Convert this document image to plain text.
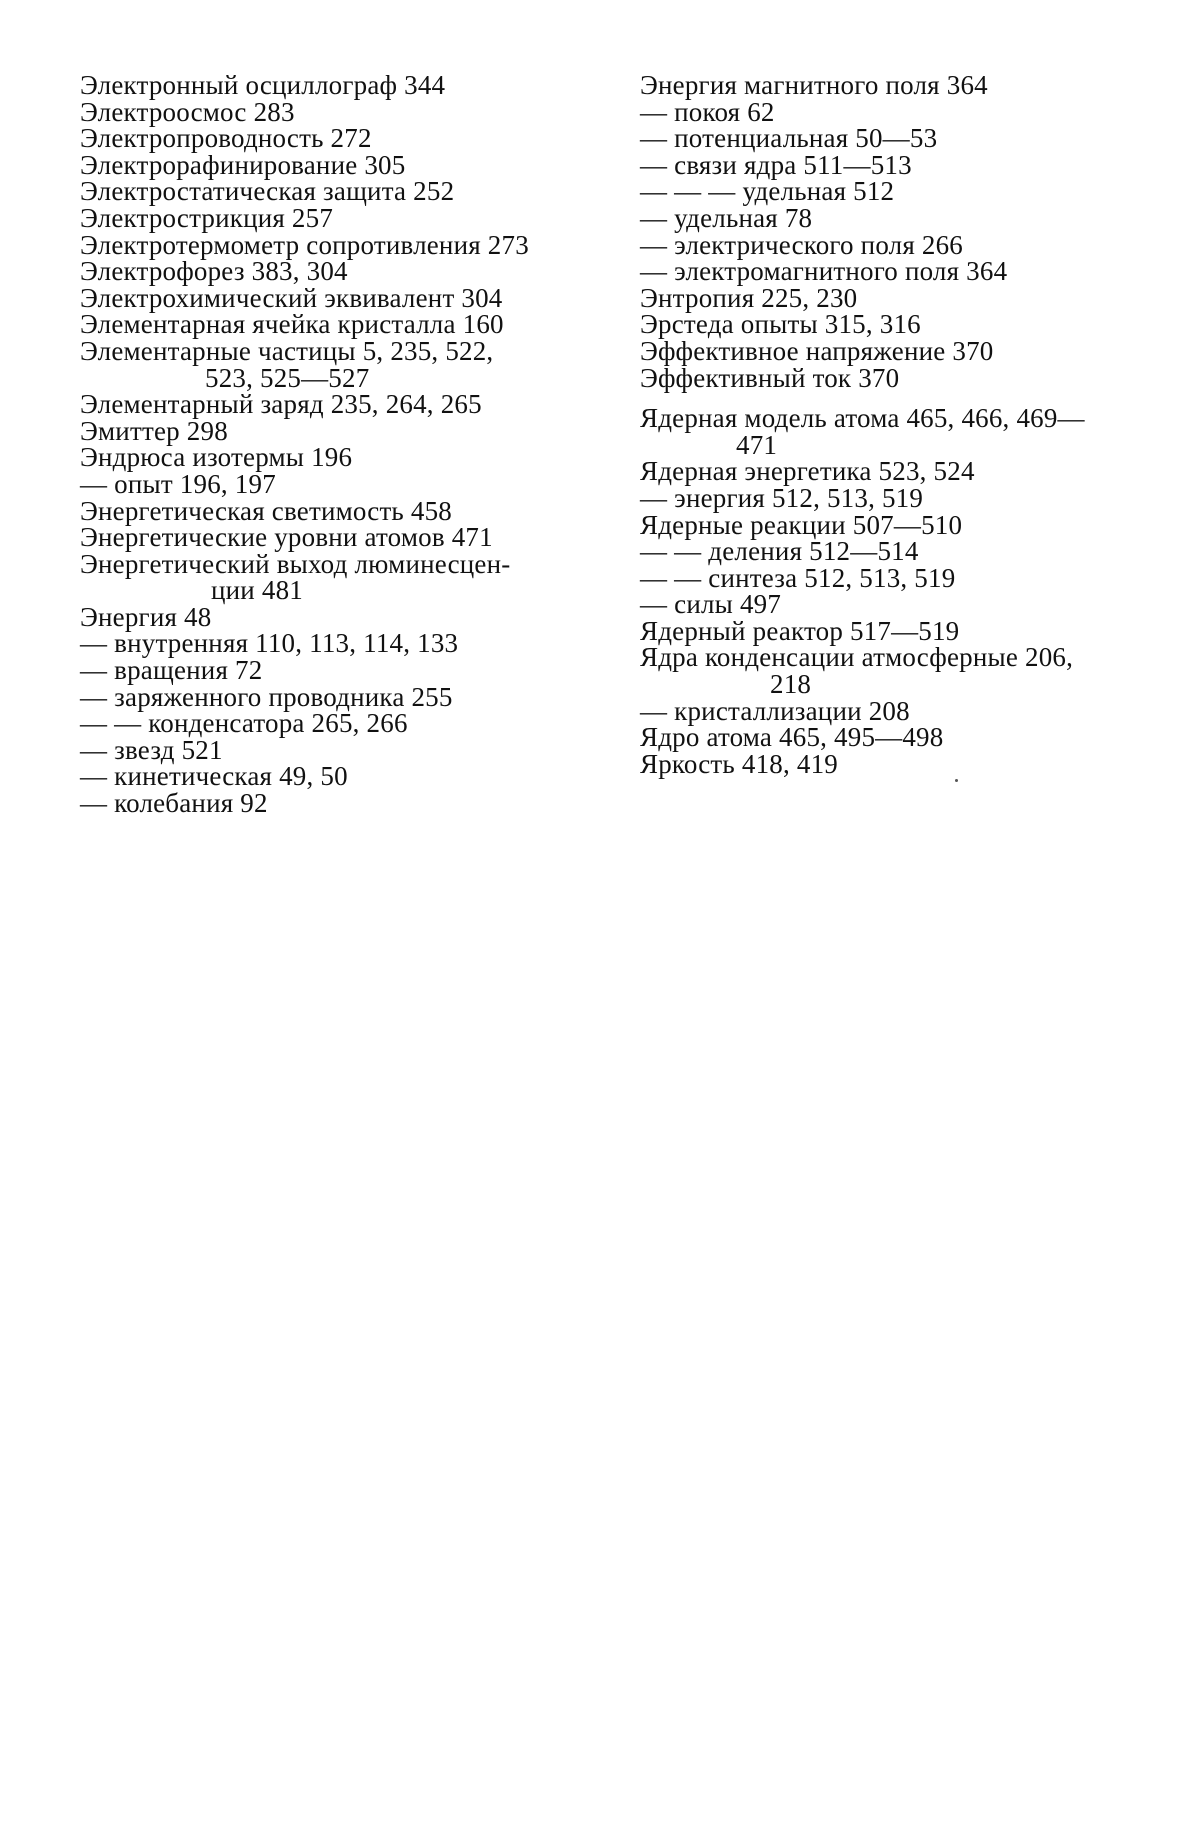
Электронный осциллограф 344
Электроосмос 283
Электропроводность 272
Электрорафинирование 305
Электростатическая защита 252
Электрострикция 257
Электротермометр сопротивления 273
Электрофорез 383, 304
Электрохимический эквивалент 304
Элементарная ячейка кристалла 160
Элементарные частицы 5, 235, 522,
523, 525—527
Элементарный заряд 235, 264, 265
Эмиттер 298
Эндрюса изотермы 196
— опыт 196, 197
Энергетическая светимость 458
Энергетические уровни атомов 471
Энергетический выход люминесцен-
ции 481
Энергия 48
— внутренняя 110, 113, 114, 133
— вращения 72
— заряженного проводника 255
— — конденсатора 265, 266
— звезд 521
— кинетическая 49, 50
— колебания 92
Энергия магнитного поля 364
— покоя 62
— потенциальная 50—53
— связи ядра 511—513
— — — удельная 512
— удельная 78
— электрического поля 266
— электромагнитного поля 364
Энтропия 225, 230
Эрстеда опыты 315, 316
Эффективное напряжение 370
Эффективный ток 370
Ядерная модель атома 465, 466, 469—
471
Ядерная энергетика 523, 524
— энергия 512, 513, 519
Ядерные реакции 507—510
— — деления 512—514
— — синтеза 512, 513, 519
— силы 497
Ядерный реактор 517—519
Ядра конденсации атмосферные 206,
218
— кристаллизации 208
Ядро атома 465, 495—498
Яркость 418, 419
